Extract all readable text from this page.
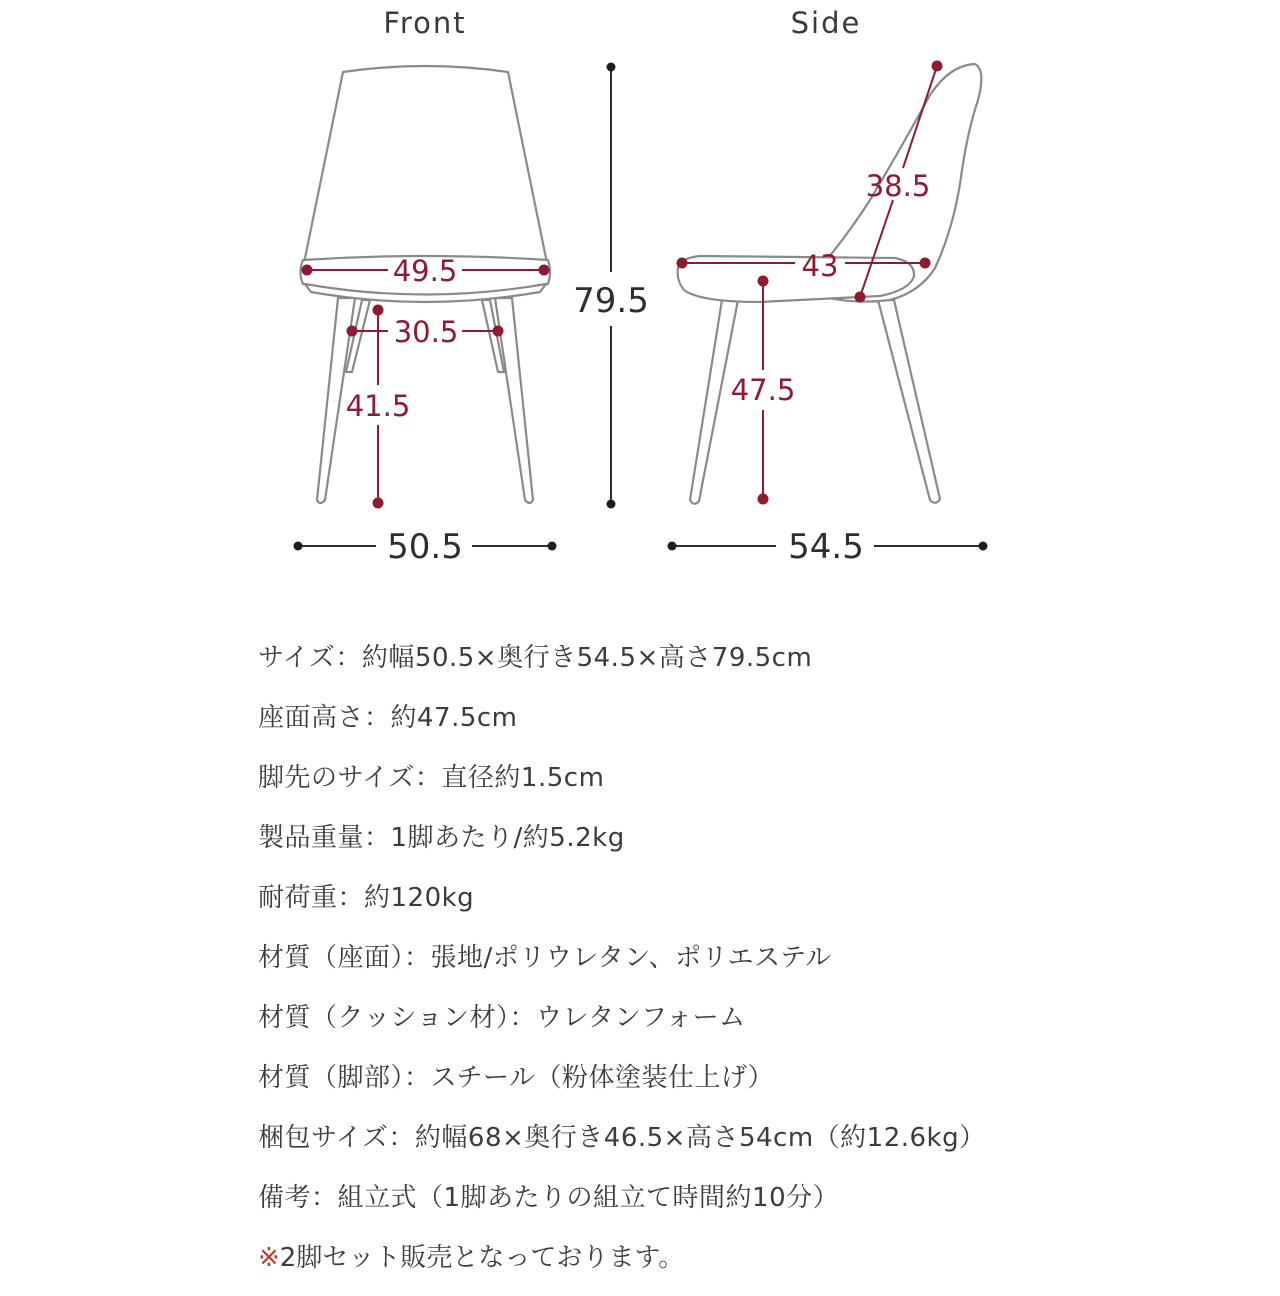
Front	Side
49.5
41.5
30.5
50.5
79.5
38.5
43
47.5
54.5
サイズ：約幅50.5×奥行き54.5×高さ79.5cm
座面高さ：約47.5cm
脚先のサイズ：直径約1.5cm
製品重量：1脚あたり/約5.2kg
耐荷重：約120kg
材質（座面）：張地/ポリウレタン、ポリエステル
材質（クッション材）：ウレタンフォーム
材質（脚部）：スチール（粉体塗装仕上げ）
梱包サイズ：約幅68×奥行き46.5×高さ54cm（約12.6kg）
備考：組立式（1脚あたりの組立て時間約10分）
※2脚セット販売となっております。
